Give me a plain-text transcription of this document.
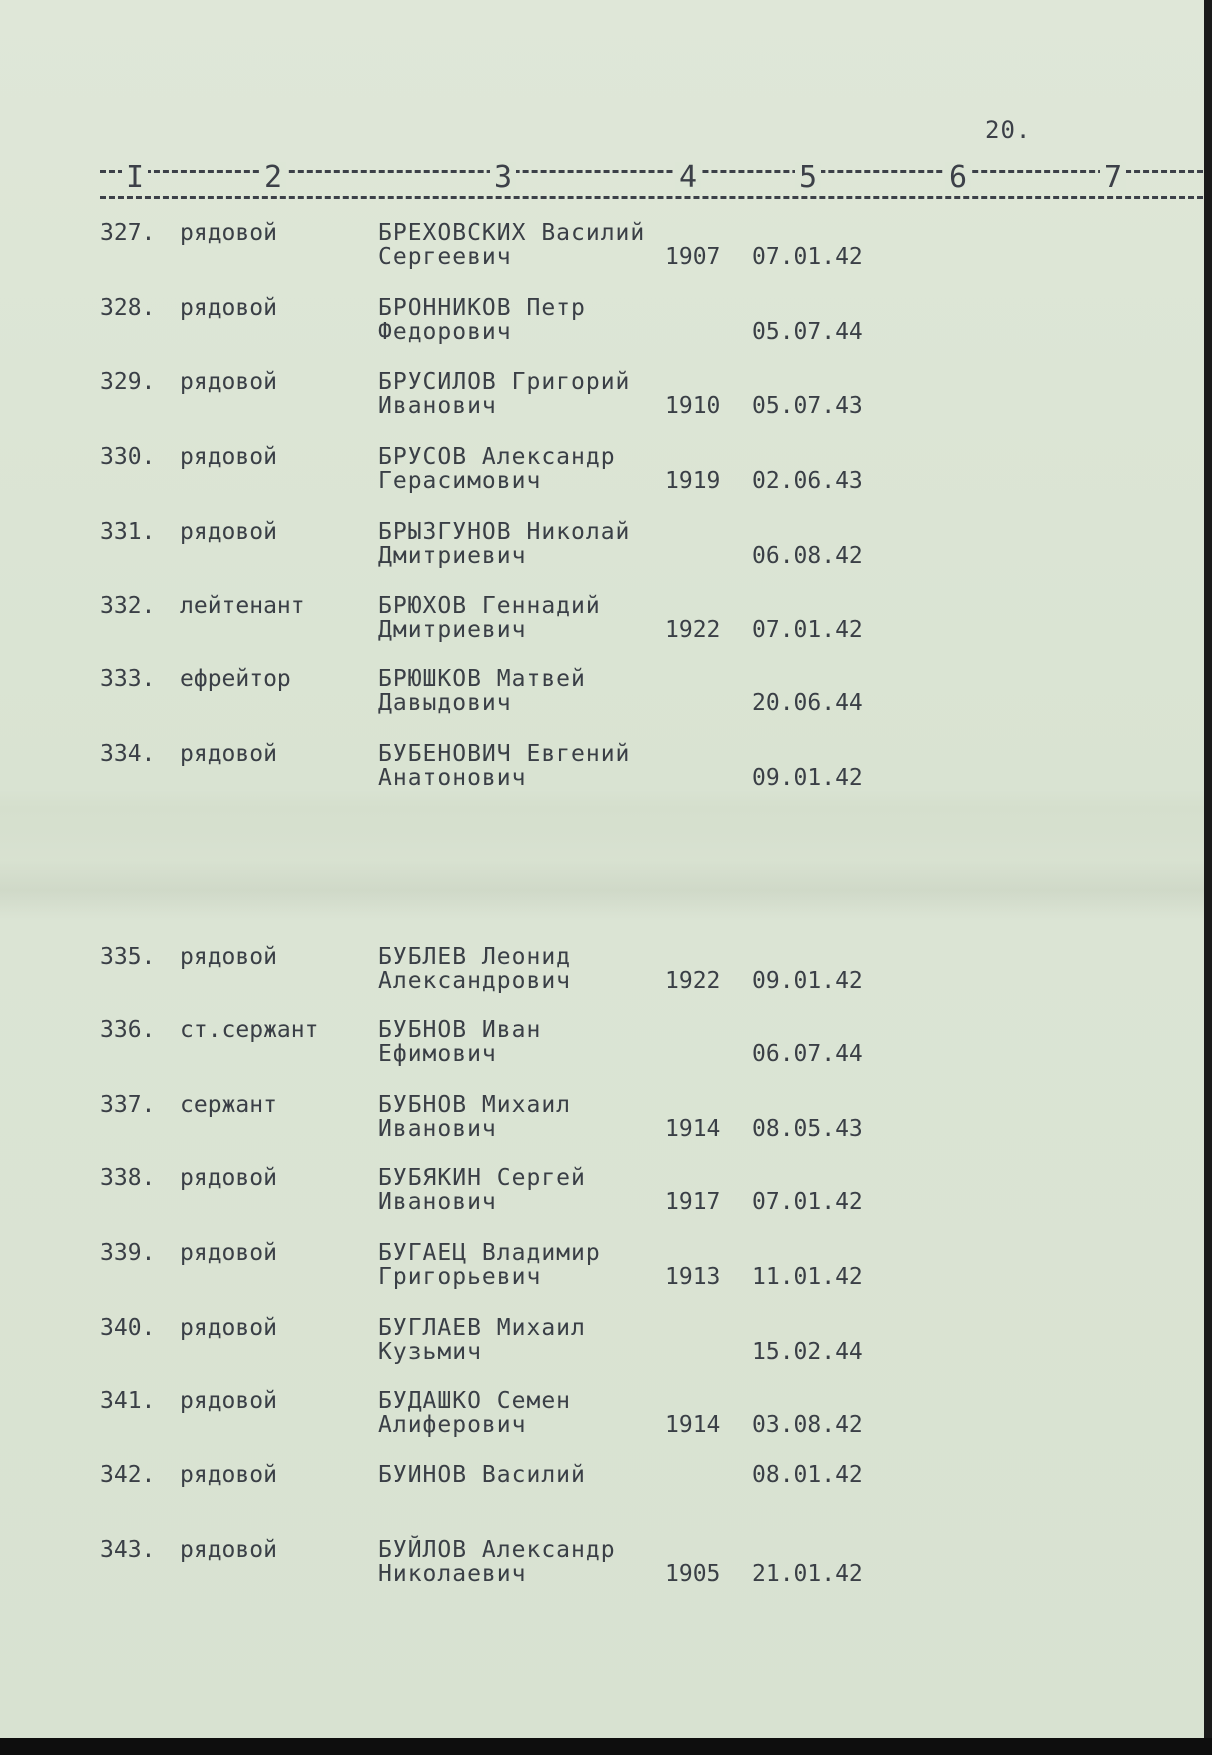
20.
I	2	3	4	5	6	7
327. рядовой	БРЕХОВСКИХ Василий
Сергеевич	1907 07.01.42
328. рядовой	БРОННИКОВ Петр
Федорович	05.07.44
329. рядовой	БРУСИЛОВ Григорий
Иванович	1910 05.07.43
330. рядовой	БРУСОВ Александр
Герасимович	1919 02.06.43
331. рядовой	БРЫЗГУНОВ Николай
Дмитриевич	06.08.42
332. лейтенант	БРЮХОВ Геннадий
Дмитриевич	1922 07.01.42
333. ефрейтор	БРЮШКОВ Матвей
Давыдович	20.06.44
334. рядовой	БУБЕНОВИЧ Евгений
Анатонович	09.01.42
335. рядовой	БУБЛЕВ Леонид
Александрович	1922 09.01.42
336. ст.сержант	БУБНОВ Иван
Ефимович	06.07.44
337. сержант	БУБНОВ Михаил
Иванович	1914 08.05.43
338. рядовой	БУБЯКИН Сергей
Иванович	1917 07.01.42
339. рядовой	БУГАЕЦ Владимир
Григорьевич	1913 11.01.42
340. рядовой	БУГЛАЕВ Михаил
Кузьмич	15.02.44
341. рядовой	БУДАШКО Семен
Алиферович	1914 03.08.42
342. рядовой	БУИНОВ Василий	08.01.42
343. рядовой	БУЙЛОВ Александр
Николаевич	1905 21.01.42
